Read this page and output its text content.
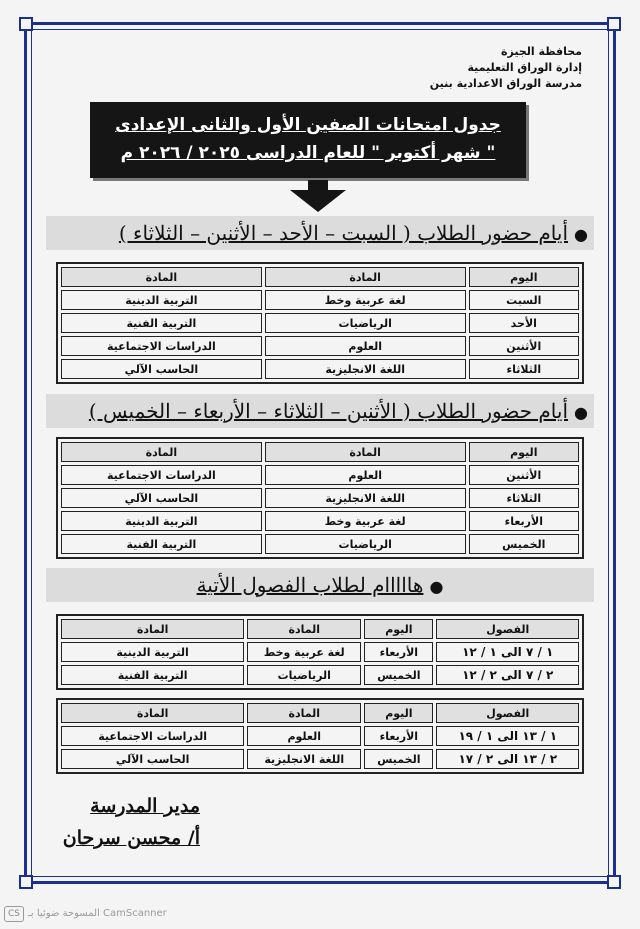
محافظة الجيزة
إدارة الوراق التعليمية
مدرسة الوراق الاعدادية بنين
جدول امتحانات الصفين الأول والثانى الإعدادى
" شهر أكتوبر " للعام الدراسى ٢٠٢٥ / ٢٠٢٦ م
●أيام حضور الطلاب ( السبت – الأحد – الأثنين – الثلاثاء )
اليوم	المادة	المادة
السبت	لغة عربية وخط	التربية الدينية
الأحد	الرياضيات	التربية الفنية
الأثنين	العلوم	الدراسات الاجتماعية
الثلاثاء	اللغة الانجليزية	الحاسب الآلي
●أيام حضور الطلاب ( الأثنين – الثلاثاء – الأربعاء – الخميس )
اليوم	المادة	المادة
الأثنين	العلوم	الدراسات الاجتماعية
الثلاثاء	اللغة الانجليزية	الحاسب الآلي
الأربعاء	لغة عربية وخط	التربية الدينية
الخميس	الرياضيات	التربية الفنية
●هااااام لطلاب الفصول الأتية
الفصول	اليوم	المادة	المادة
١ / ٧ الى ١ / ١٢	الأربعاء	لغة عربية وخط	التربية الدينية
٢ / ٧ الى ٢ / ١٢	الخميس	الرياضيات	التربية الفنية
الفصول	اليوم	المادة	المادة
١ / ١٣ الى ١ / ١٩	الأربعاء	العلوم	الدراسات الاجتماعية
٢ / ١٣ الى ٢ / ١٧	الخميس	اللغة الانجليزية	الحاسب الآلي
مدير المدرسة
أ/ محسن سرحان
CS CamScanner المسوحة ضوئيا بـ
